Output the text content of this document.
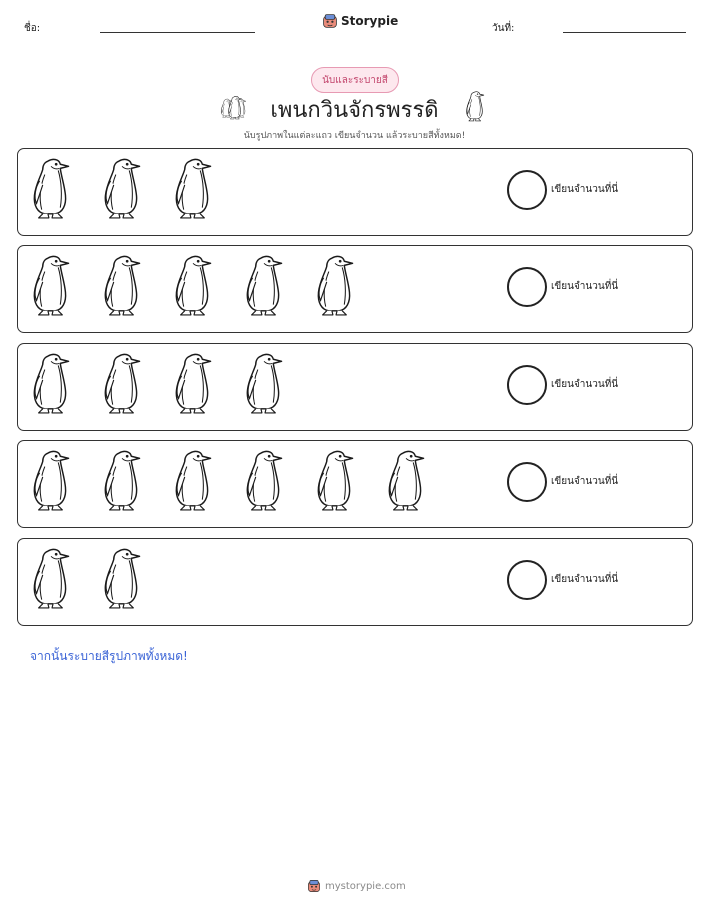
ชื่อ:
Storypie
วันที่:
นับและระบายสี
เพนกวินจักรพรรดิ
นับรูปภาพในแต่ละแถว เขียนจำนวน แล้วระบายสีทั้งหมด!
เขียนจำนวนที่นี่
เขียนจำนวนที่นี่
เขียนจำนวนที่นี่
เขียนจำนวนที่นี่
เขียนจำนวนที่นี่
จากนั้นระบายสีรูปภาพทั้งหมด!
mystorypie.com
